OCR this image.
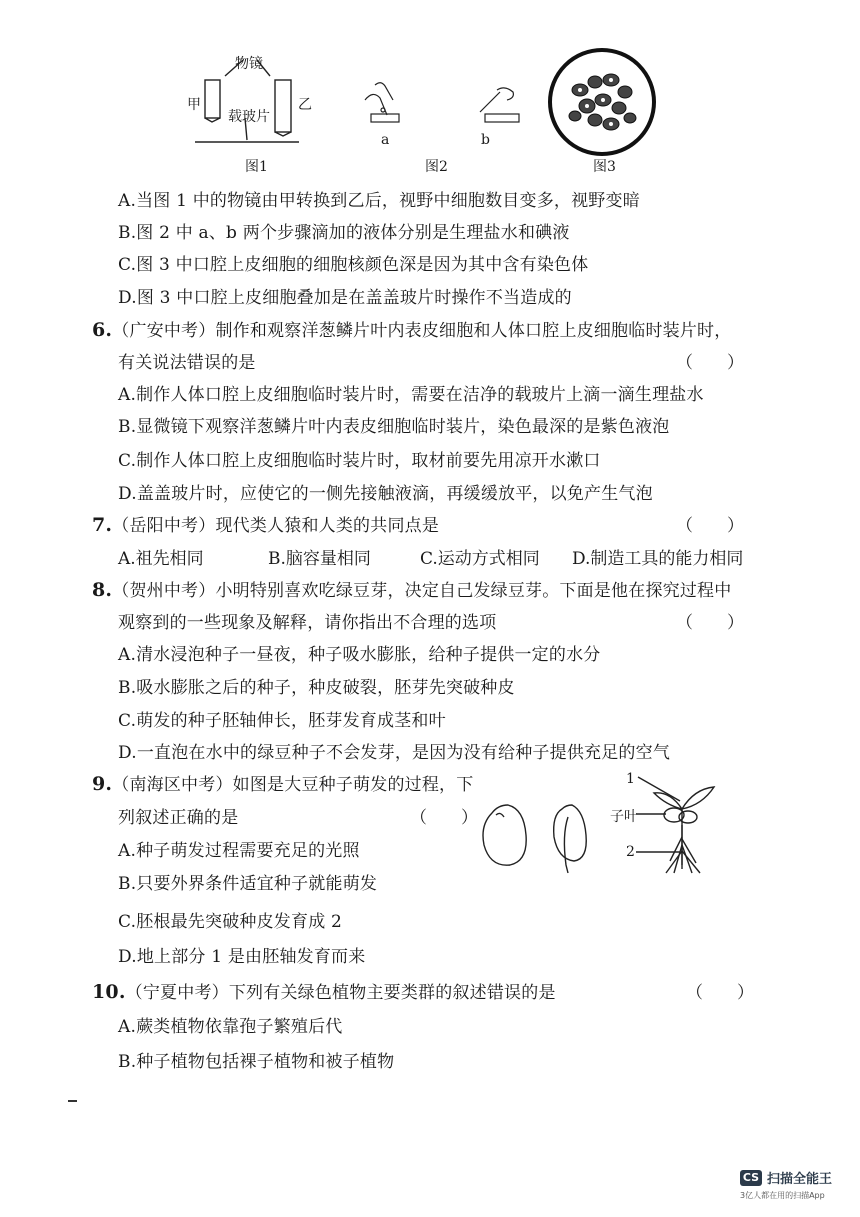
物镜
甲	乙
载玻片
图1
a	b
图2	图3
A.当图 1 中的物镜由甲转换到乙后，视野中细胞数目变多，视野变暗
B.图 2 中 a、b 两个步骤滴加的液体分别是生理盐水和碘液
C.图 3 中口腔上皮细胞的细胞核颜色深是因为其中含有染色体
D.图 3 中口腔上皮细胞叠加是在盖盖玻片时操作不当造成的
6.（广安中考）制作和观察洋葱鳞片叶内表皮细胞和人体口腔上皮细胞临时装片时，
有关说法错误的是	（　　）
A.制作人体口腔上皮细胞临时装片时，需要在洁净的载玻片上滴一滴生理盐水
B.显微镜下观察洋葱鳞片叶内表皮细胞临时装片，染色最深的是紫色液泡
C.制作人体口腔上皮细胞临时装片时，取材前要先用凉开水漱口
D.盖盖玻片时，应使它的一侧先接触液滴，再缓缓放平，以免产生气泡
7.（岳阳中考）现代类人猿和人类的共同点是	（　　）
A.祖先相同	B.脑容量相同	C.运动方式相同 D.制造工具的能力相同
8.（贺州中考）小明特别喜欢吃绿豆芽，决定自己发绿豆芽。下面是他在探究过程中
观察到的一些现象及解释，请你指出不合理的选项	（　　）
A.清水浸泡种子一昼夜，种子吸水膨胀，给种子提供一定的水分
B.吸水膨胀之后的种子，种皮破裂，胚芽先突破种皮
C.萌发的种子胚轴伸长，胚芽发育成茎和叶
D.一直泡在水中的绿豆种子不会发芽，是因为没有给种子提供充足的空气
9.（南海区中考）如图是大豆种子萌发的过程，下
列叙述正确的是	（　　）
A.种子萌发过程需要充足的光照
B.只要外界条件适宜种子就能萌发
C.胚根最先突破种皮发育成 2
D.地上部分 1 是由胚轴发育而来
1
子叶
2
10.（宁夏中考）下列有关绿色植物主要类群的叙述错误的是	（　　）
A.蕨类植物依靠孢子繁殖后代
B.种子植物包括裸子植物和被子植物
CS 扫描全能王
3亿人都在用的扫描App
